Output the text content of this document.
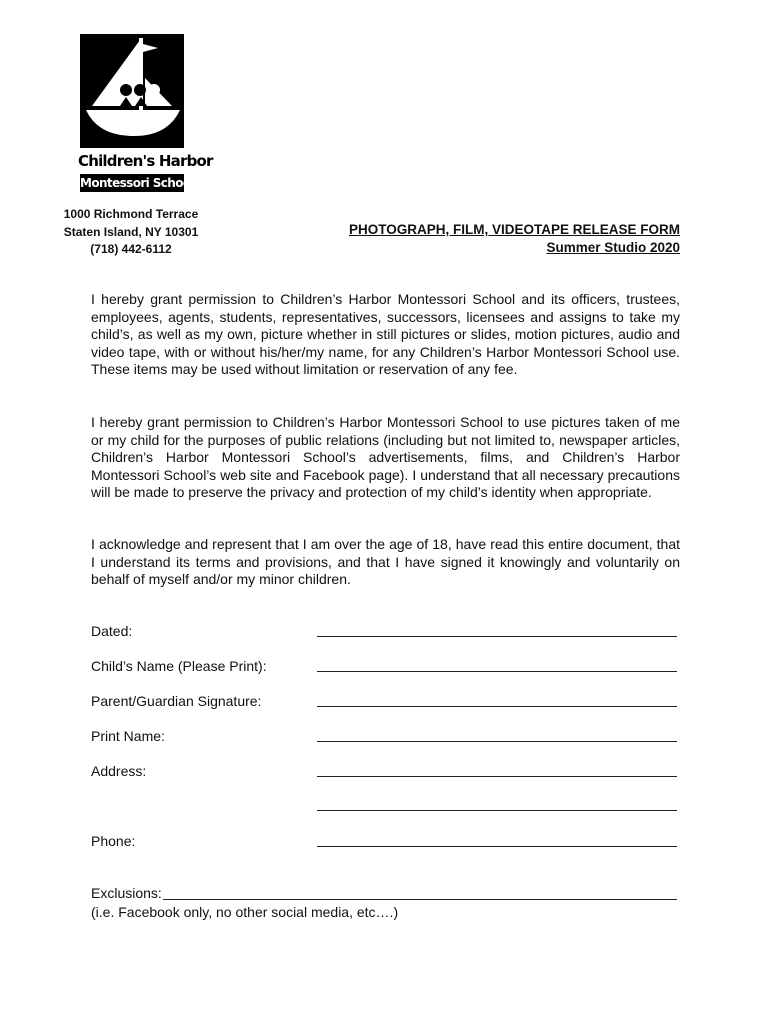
Children's Harbor
Montessori School
1000 Richmond Terrace
Staten Island, NY 10301
(718) 442-6112
PHOTOGRAPH, FILM, VIDEOTAPE RELEASE FORM
Summer Studio 2020

I hereby grant permission to Children’s Harbor Montessori School and its officers, trustees, employees, agents, students, representatives, successors, licensees and assigns to take my child’s, as well as my own, picture whether in still pictures or slides, motion pictures, audio and video tape, with or without his/her/my name, for any Children’s Harbor Montessori School use. These items may be used without limitation or reservation of any fee.

I hereby grant permission to Children’s Harbor Montessori School to use pictures taken of me or my child for the purposes of public relations (including but not limited to, newspaper articles, Children’s Harbor Montessori School’s advertisements, films, and Children’s Harbor Montessori School’s web site and Facebook page). I understand that all necessary precautions will be made to preserve the privacy and protection of my child’s identity when appropriate.

I acknowledge and represent that I am over the age of 18, have read this entire document, that I understand its terms and provisions, and that I have signed it knowingly and voluntarily on behalf of myself and/or my minor children.

Dated:
Child’s Name (Please Print):
Parent/Guardian Signature:
Print Name:
Address:
Phone:
Exclusions:
(i.e. Facebook only, no other social media, etc….)
